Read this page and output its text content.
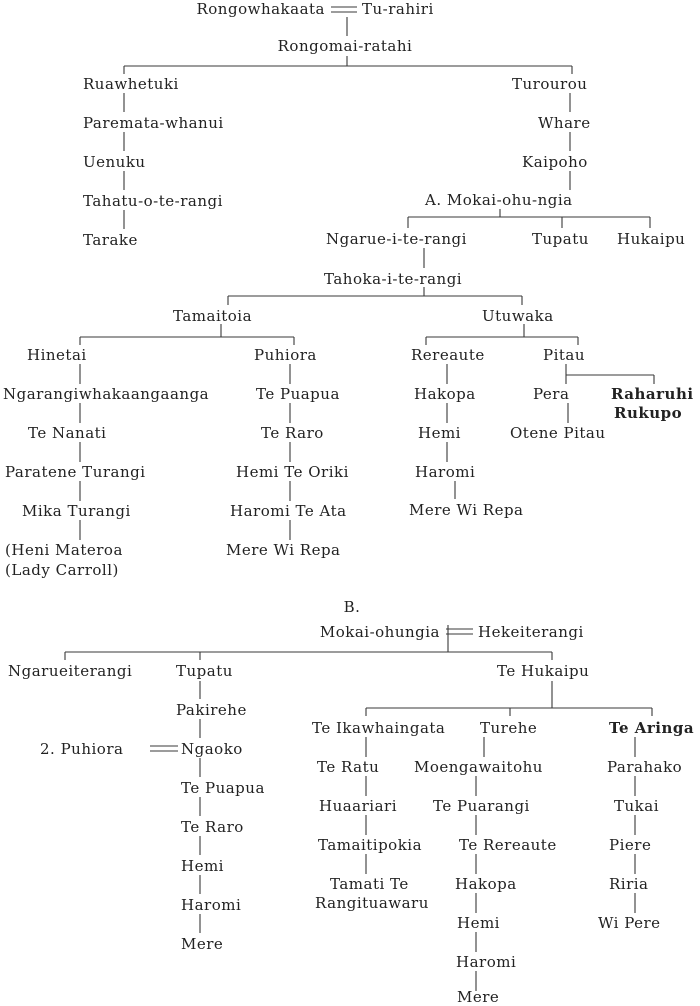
Rongowhakaata Tu-rahiri
Rongomai-ratahi
Ruawhetuki
Paremata-whanui
Uenuku
Tahatu-o-te-rangi
Tarake
Turourou
Whare
Kaipoho
A. Mokai-ohu-ngia
Ngarue-i-te-rangi	Tupatu Hukaipu
Tahoka-i-te-rangi
Tamaitoia	Utuwaka
Hinetai
Ngarangiwhakaangaanga
Te Nanati
Paratene Turangi
Mika Turangi
(Heni Materoa
(Lady Carroll)
Puhiora
Te Puapua
Te Raro
Hemi Te Oriki
Haromi Te Ata
Mere Wi Repa
Rereaute
Hakopa
Hemi
Haromi
Mere Wi Repa
Pitau
Pera
Otene Pitau
Raharuhi
Rukupo
B.
Mokai-ohungia	Hekeiterangi
Ngarueiterangi	Tupatu
Pakirehe
2. Puhiora	Ngaoko
Te Puapua
Te Raro
Hemi
Haromi
Mere
Te Hukaipu
Te Ikawhaingata
Te Ratu
Huaariari
Tamaitipokia
Tamati Te
Rangituawaru
Turehe
Moengawaitohu
Te Puarangi
Te Rereaute
Hakopa
Hemi
Haromi
Mere
Te Aringa
Parahako
Tukai
Piere
Riria
Wi Pere
